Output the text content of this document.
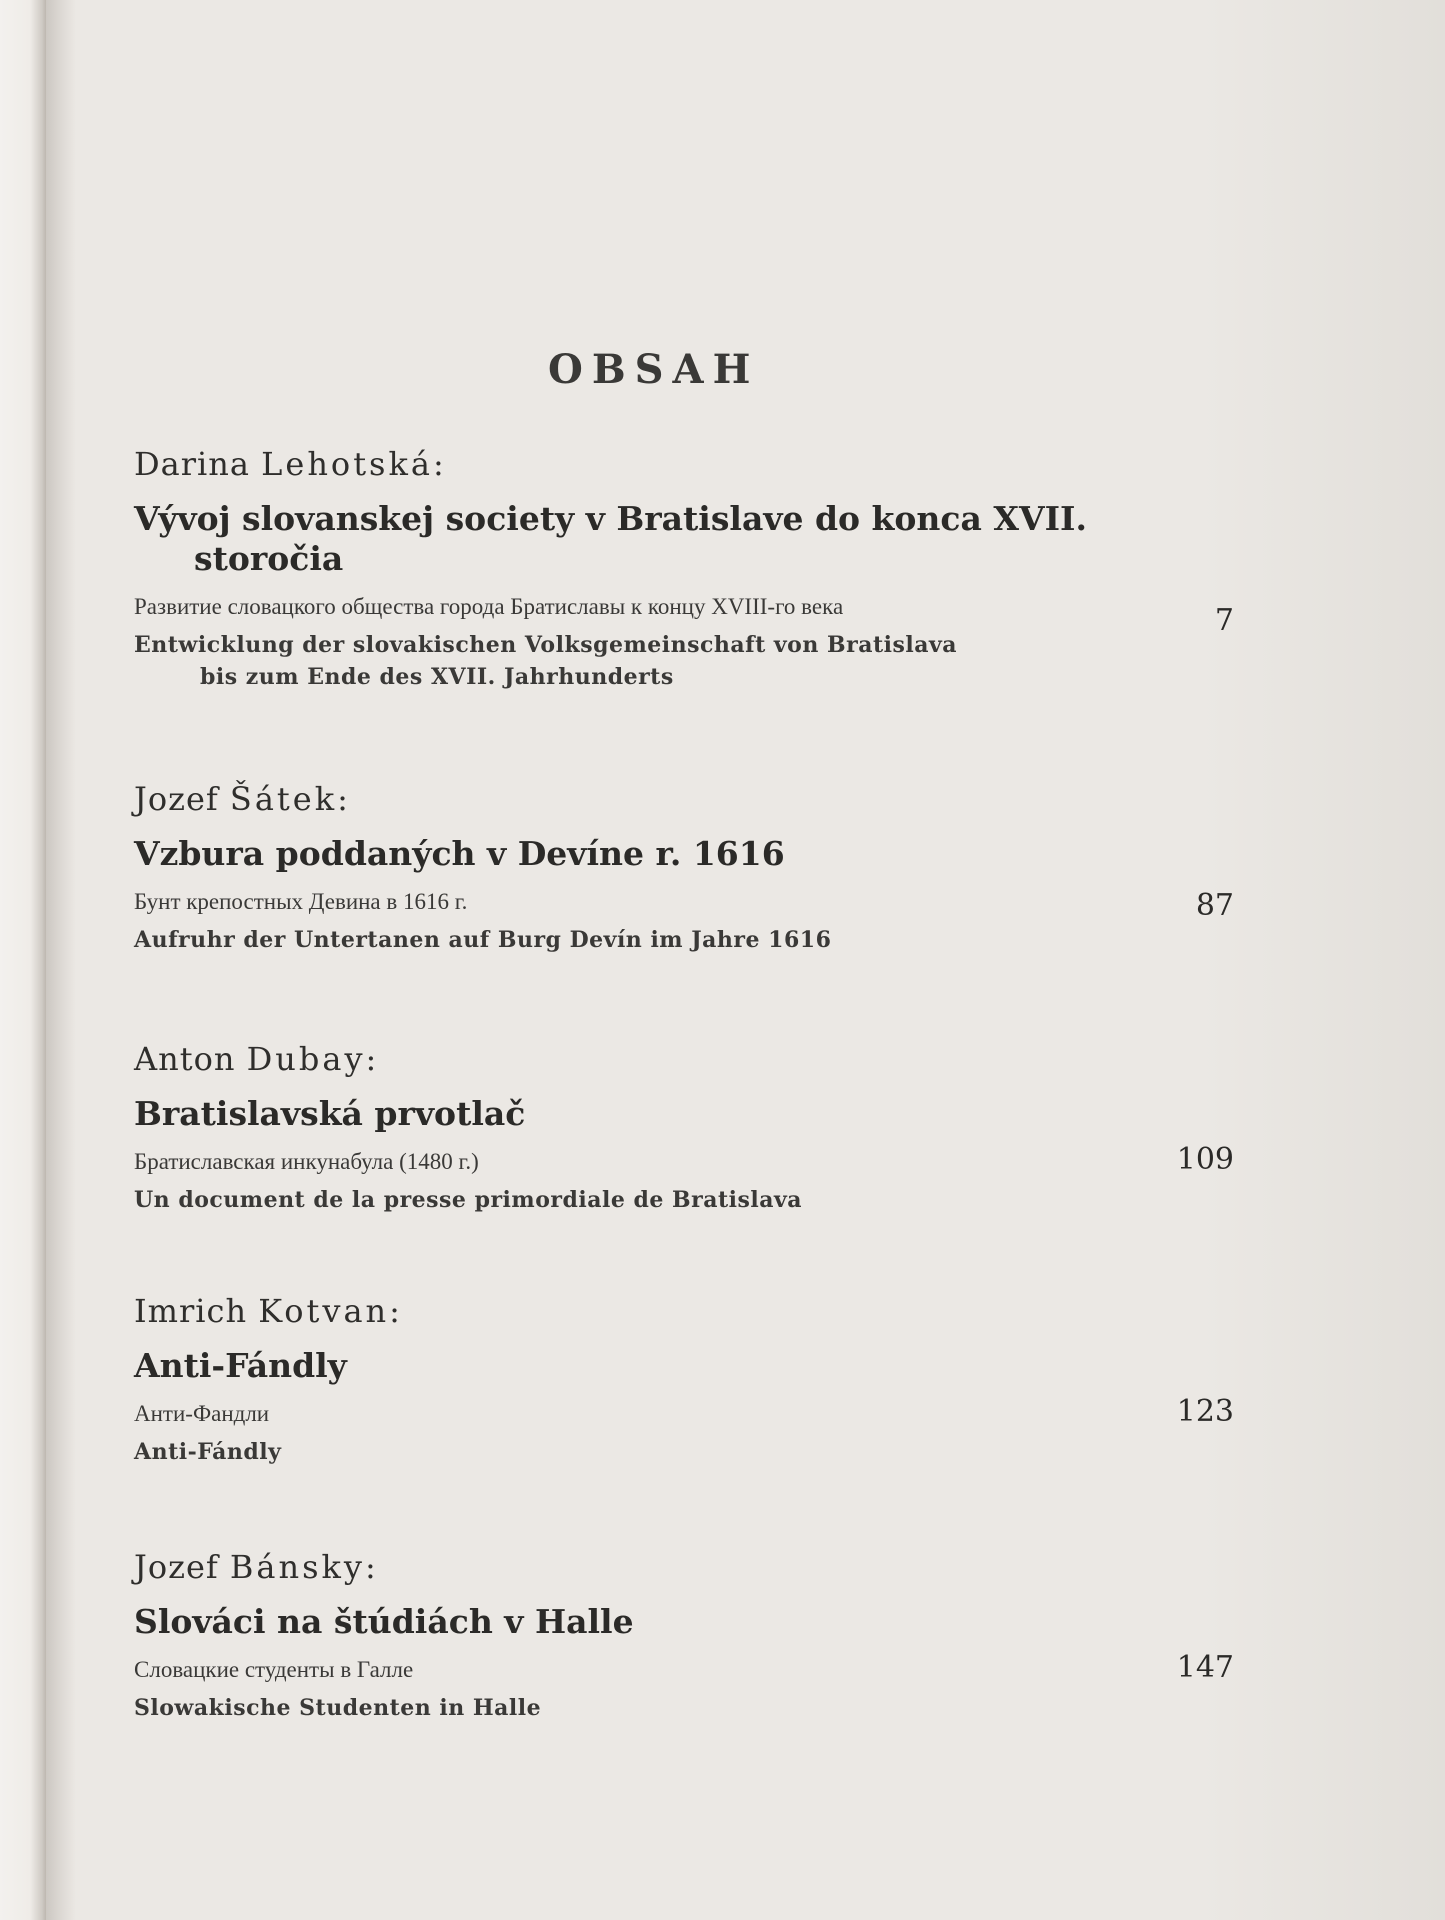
OBSAH

Darina Lehotská:

Vývoj slovanskej society v Bratislave do konca XVII.
storočia

Развитие словацкого общества города Братиславы к концу XVIII-го века

Entwicklung der slovakischen Volksgemeinschaft von Bratislava
bis zum Ende des XVII. Jahrhunderts

7

Jozef Šátek:

Vzbura poddaných v Devíne r. 1616

Бунт крепостных Девина в 1616 г.

Aufruhr der Untertanen auf Burg Devín im Jahre 1616

87

Anton Dubay:

Bratislavská prvotlač

Братиславская инкунабула (1480 г.)

Un document de la presse primordiale de Bratislava

109

Imrich Kotvan:

Anti-Fándly

Анти-Фандли

Anti-Fándly

123

Jozef Bánsky:

Slováci na štúdiách v Halle

Словацкие студенты в Галле

Slowakische Studenten in Halle

147
